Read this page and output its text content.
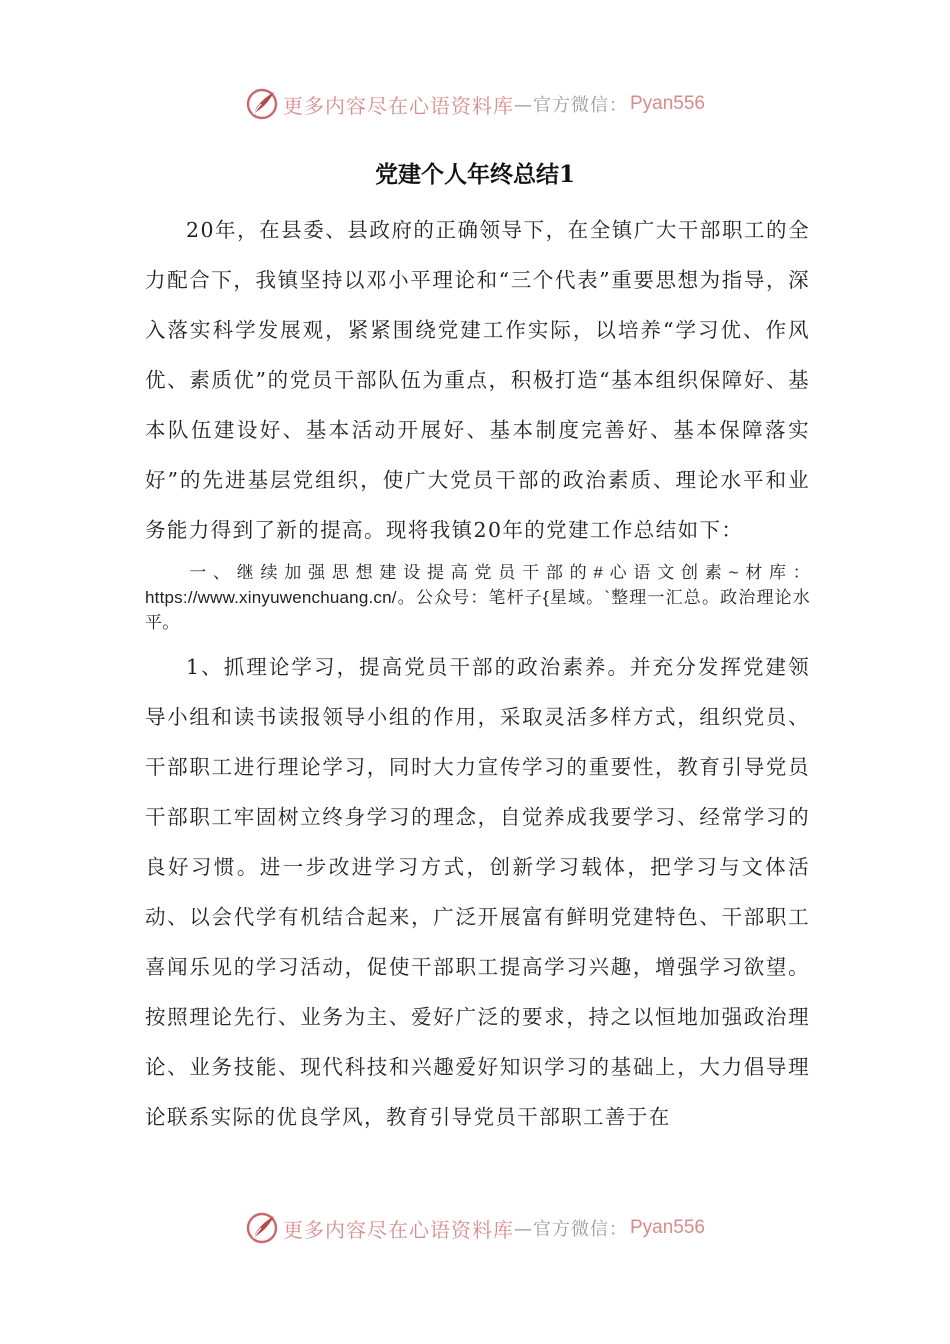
更多内容尽在心语资料库 —官方微信： Pyan556
党建个人年终总结1

20年，在县委、县政府的正确领导下，在全镇广大干部职工的全力配合下，我镇坚持以邓小平理论和“三个代表”重要思想为指导，深入落实科学发展观，紧紧围绕党建工作实际，以培养“学习优、作风优、素质优”的党员干部队伍为重点，积极打造“基本组织保障好、基本队伍建设好、基本活动开展好、基本制度完善好、基本保障落实好”的先进基层党组织，使广大党员干部的政治素质、理论水平和业务能力得到了新的提高。现将我镇20年的党建工作总结如下：

一、继续加强思想建设提高党员干部的#心语文创素~材库：https://www.xinyuwenchuang.cn/。公众号：笔杆子{星域。`整理一汇总。政治理论水平。

1、抓理论学习，提高党员干部的政治素养。并充分发挥党建领导小组和读书读报领导小组的作用，采取灵活多样方式，组织党员、干部职工进行理论学习，同时大力宣传学习的重要性，教育引导党员干部职工牢固树立终身学习的理念，自觉养成我要学习、经常学习的良好习惯。进一步改进学习方式，创新学习载体，把学习与文体活动、以会代学有机结合起来，广泛开展富有鲜明党建特色、干部职工喜闻乐见的学习活动，促使干部职工提高学习兴趣，增强学习欲望。按照理论先行、业务为主、爱好广泛的要求，持之以恒地加强政治理论、业务技能、现代科技和兴趣爱好知识学习的基础上，大力倡导理论联系实际的优良学风，教育引导党员干部职工善于在

更多内容尽在心语资料库 —官方微信： Pyan556
